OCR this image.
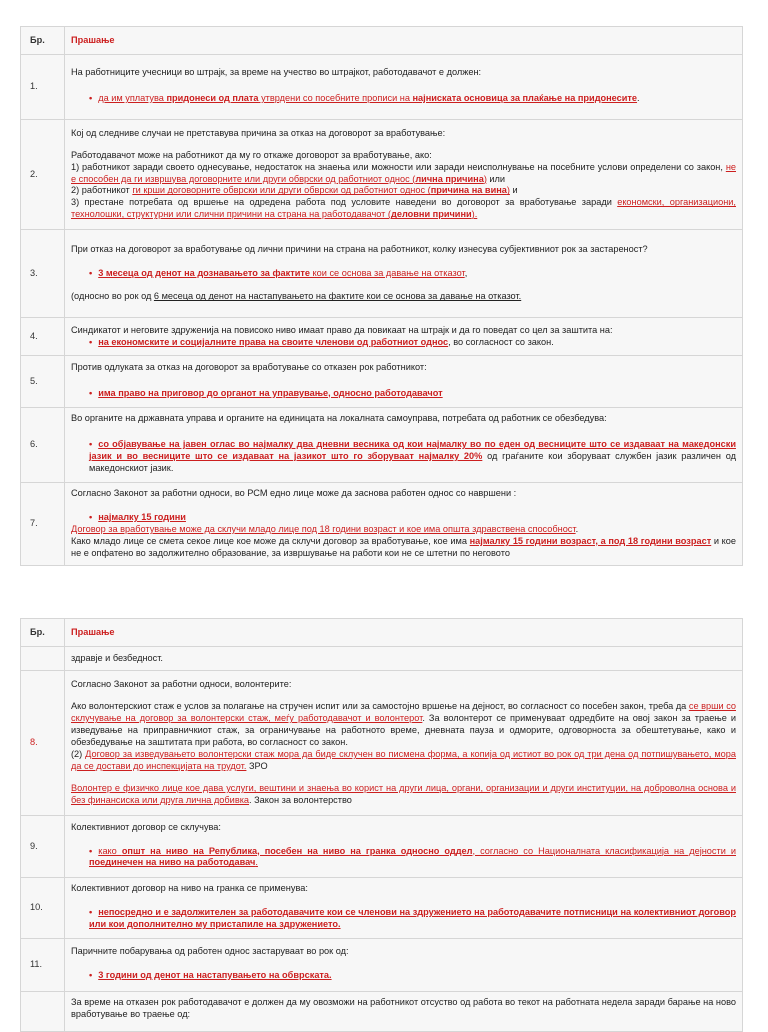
Бр.	Прашање
1.	На работниците учесници во штрајк, за време на учество во штрајкот, работодавачот е должен:

• да им уплатува придонеси од плата утврдени со посебните прописи на најниската основица за плаќање на придонесите.

2.	Кој од следниве случаи не претставува причина за отказ на договорот за вработување:

Работодавачот може на работникот да му го откаже договорот за вработување, ако:

1) работникот заради своето однесување, недостаток на знаења или можности или заради неисполнување на посебните услови определени со закон, не е способен да ги извршува договорните или други обврски од работниот однос (лична причина) или

2) работникот ги крши договорните обврски или други обврски од работниот однос (причина на вина) и

3) престане потребата од вршење на одредена работа под условите наведени во договорот за вработување заради економски, организациони, технолошки, структурни или слични причини на страна на работодавачот (деловни причини).

3.	При отказ на договорот за вработување од лични причини на страна на работникот, колку изнесува субјективниот рок за застареност?

• 3 месеца од денот на дознавањето за фактите кои се основа за давање на отказот,

(односно во рок од 6 месеца од денот на настапувањето на фактите кои се основа за давање на отказот.

4.	Синдикатот и неговите здруженија на повисоко ниво имаат право да повикаат на штрајк и да го поведат со цел за заштита на:

• на економските и социјалните права на своите членови од работниот однос, во согласност со закон.

5.	Против одлуката за отказ на договорот за вработување со отказен рок работникот:

• има право на приговор до органот на управување, односно работодавачот

6.	Во органите на државната управа и органите на единицата на локалната самоуправа, потребата од работник се обезбедува:

• со објавување на јавен оглас во најмалку два дневни весника од кои најмалку во по еден од весниците што се издаваат на македонски јазик и во весниците што се издаваат на јазикот што го зборуваат најмалку 20% од граѓаните кои зборуваат службен јазик различен од македонскиот јазик.

7.	Согласно Законот за работни односи, во РСМ едно лице може да заснова работен однос со навршени :

• најмалку 15 години

Договор за вработување може да склучи младо лице под 18 години возраст и кое има општа здравствена способност.

Како младо лице се смета секое лице кое може да склучи договор за вработување, кое има најмалку 15 години возраст, а под 18 години возраст и кое не е опфатено во задолжително образование, за извршување на работи кои не се штетни по неговото

Бр.	Прашање
	здравје и безбедност.
8.	Согласно Законот за работни односи, волонтерите:

Ако волонтерскиот стаж е услов за полагање на стручен испит или за самостојно вршење на дејност, во согласност со посебен закон, треба да се врши со склучување на договор за волонтерски стаж, меѓу работодавачот и волонтерот. За волонтерот се применуваат одредбите на овој закон за траење и изведување на приправничкиот стаж, за ограничување на работното време, дневната пауза и одморите, одговорноста за обештетување, како и обезбедување на заштитата при работа, во согласност со закон.

(2) Договор за изведувањето волонтерски стаж мора да биде склучен во писмена форма, а копија од истиот во рок од три дена од потпишувањето, мора да се достави до инспекцијата на трудот. ЗРО

Волонтер е физичко лице кое дава услуги, вештини и знаења во корист на други лица, органи, организации и други институции, на доброволна основа и без финансиска или друга лична добивка. Закон за волонтерство

9.	Колективниот договор се склучува:

• како општ на ниво на Република, посебен на ниво на гранка односно оддел, согласно со Националната класификација на дејности и поединечен на ниво на работодавач.

10.	Колективниот договор на ниво на гранка се применува:

• непосредно и е задолжителен за работодавачите кои се членови на здружението на работодавачите потписници на колективниот договор или кои дополнително му пристапиле на здружението.

11.	Паричните побарувања од работен однос застаруваат во рок од:

• 3 години од денот на настапувањето на обврската.

	За време на отказен рок работодавачот е должен да му овозможи на работникот отсуство од работа во текот на работната недела заради барање на ново вработување во траење од:
